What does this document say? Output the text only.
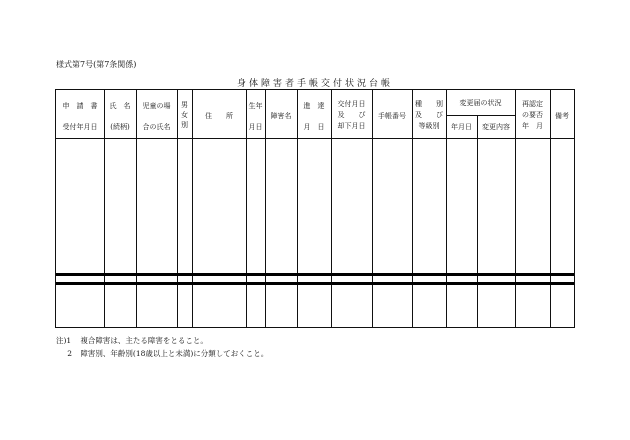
様式第7号(第7条関係)
身体障害者手帳交付状況台帳
申　請　書
受付年月日
氏　名
(続柄)
児童の場
合の氏名
男
女
別
住　　所
生年
月日
障害名
進　達
月　日
交付月日
及　　び
却下月日
手帳番号
種　　別
及　　び
等級別
変更届の状況
年月日	変更内容
再認定
の要否
年　月
備考
注)1 複合障害は、主たる障害をとること。
2 障害別、年齢別(18歳以上と未満)に分類しておくこと。
